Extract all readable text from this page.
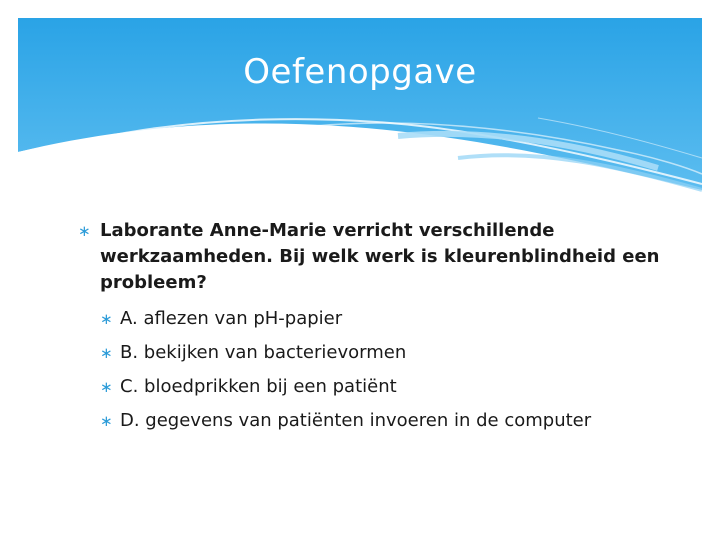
Oefenopgave
∗ Laborante Anne-Marie verricht verschillende werkzaamheden. Bij welk werk is kleurenblindheid een probleem?
∗ A. aflezen van pH-papier
∗ B. bekijken van bacterievormen
∗ C. bloedprikken bij een patiënt
∗ D. gegevens van patiënten invoeren in de computer
